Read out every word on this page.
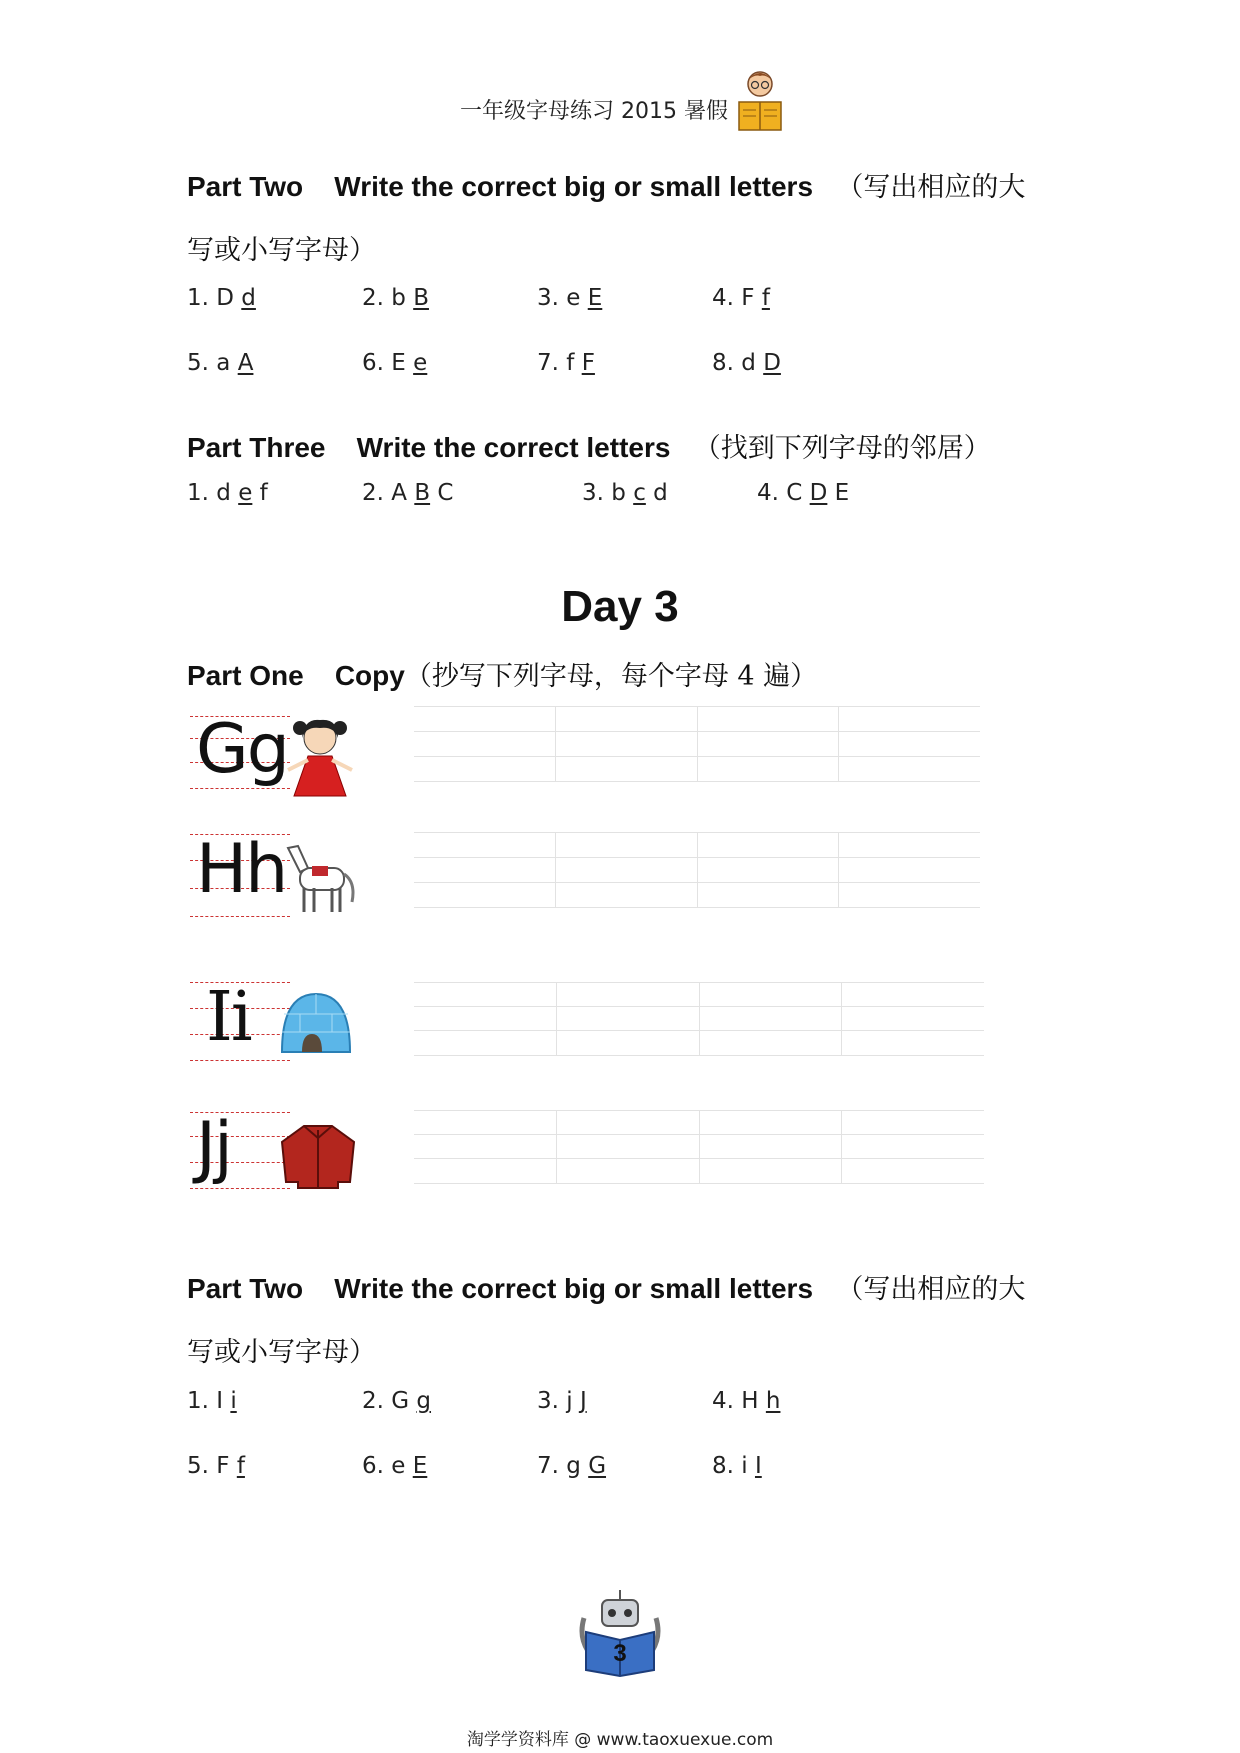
一年级字母练习 2015 暑假
Part Two Write the correct big or small letters （写出相应的大
写或小写字母）
1. D d	2. b B	3. e E	4. F f
5. a A	6. E e	7. f F	8. d D
Part Three Write the correct letters （找到下列字母的邻居）
1. d e f	2. A B C	3. b c d	4. C D E
Day 3
Part One Copy（抄写下列字母，每个字母 4 遍）
Gg
Hh
Ii
Jj
Part Two Write the correct big or small letters （写出相应的大
写或小写字母）
1. I i	2. G g	3. j J	4. H h
5. F f	6. e E	7. g G	8. i I
3
淘学学资料库 @ www.taoxuexue.com
